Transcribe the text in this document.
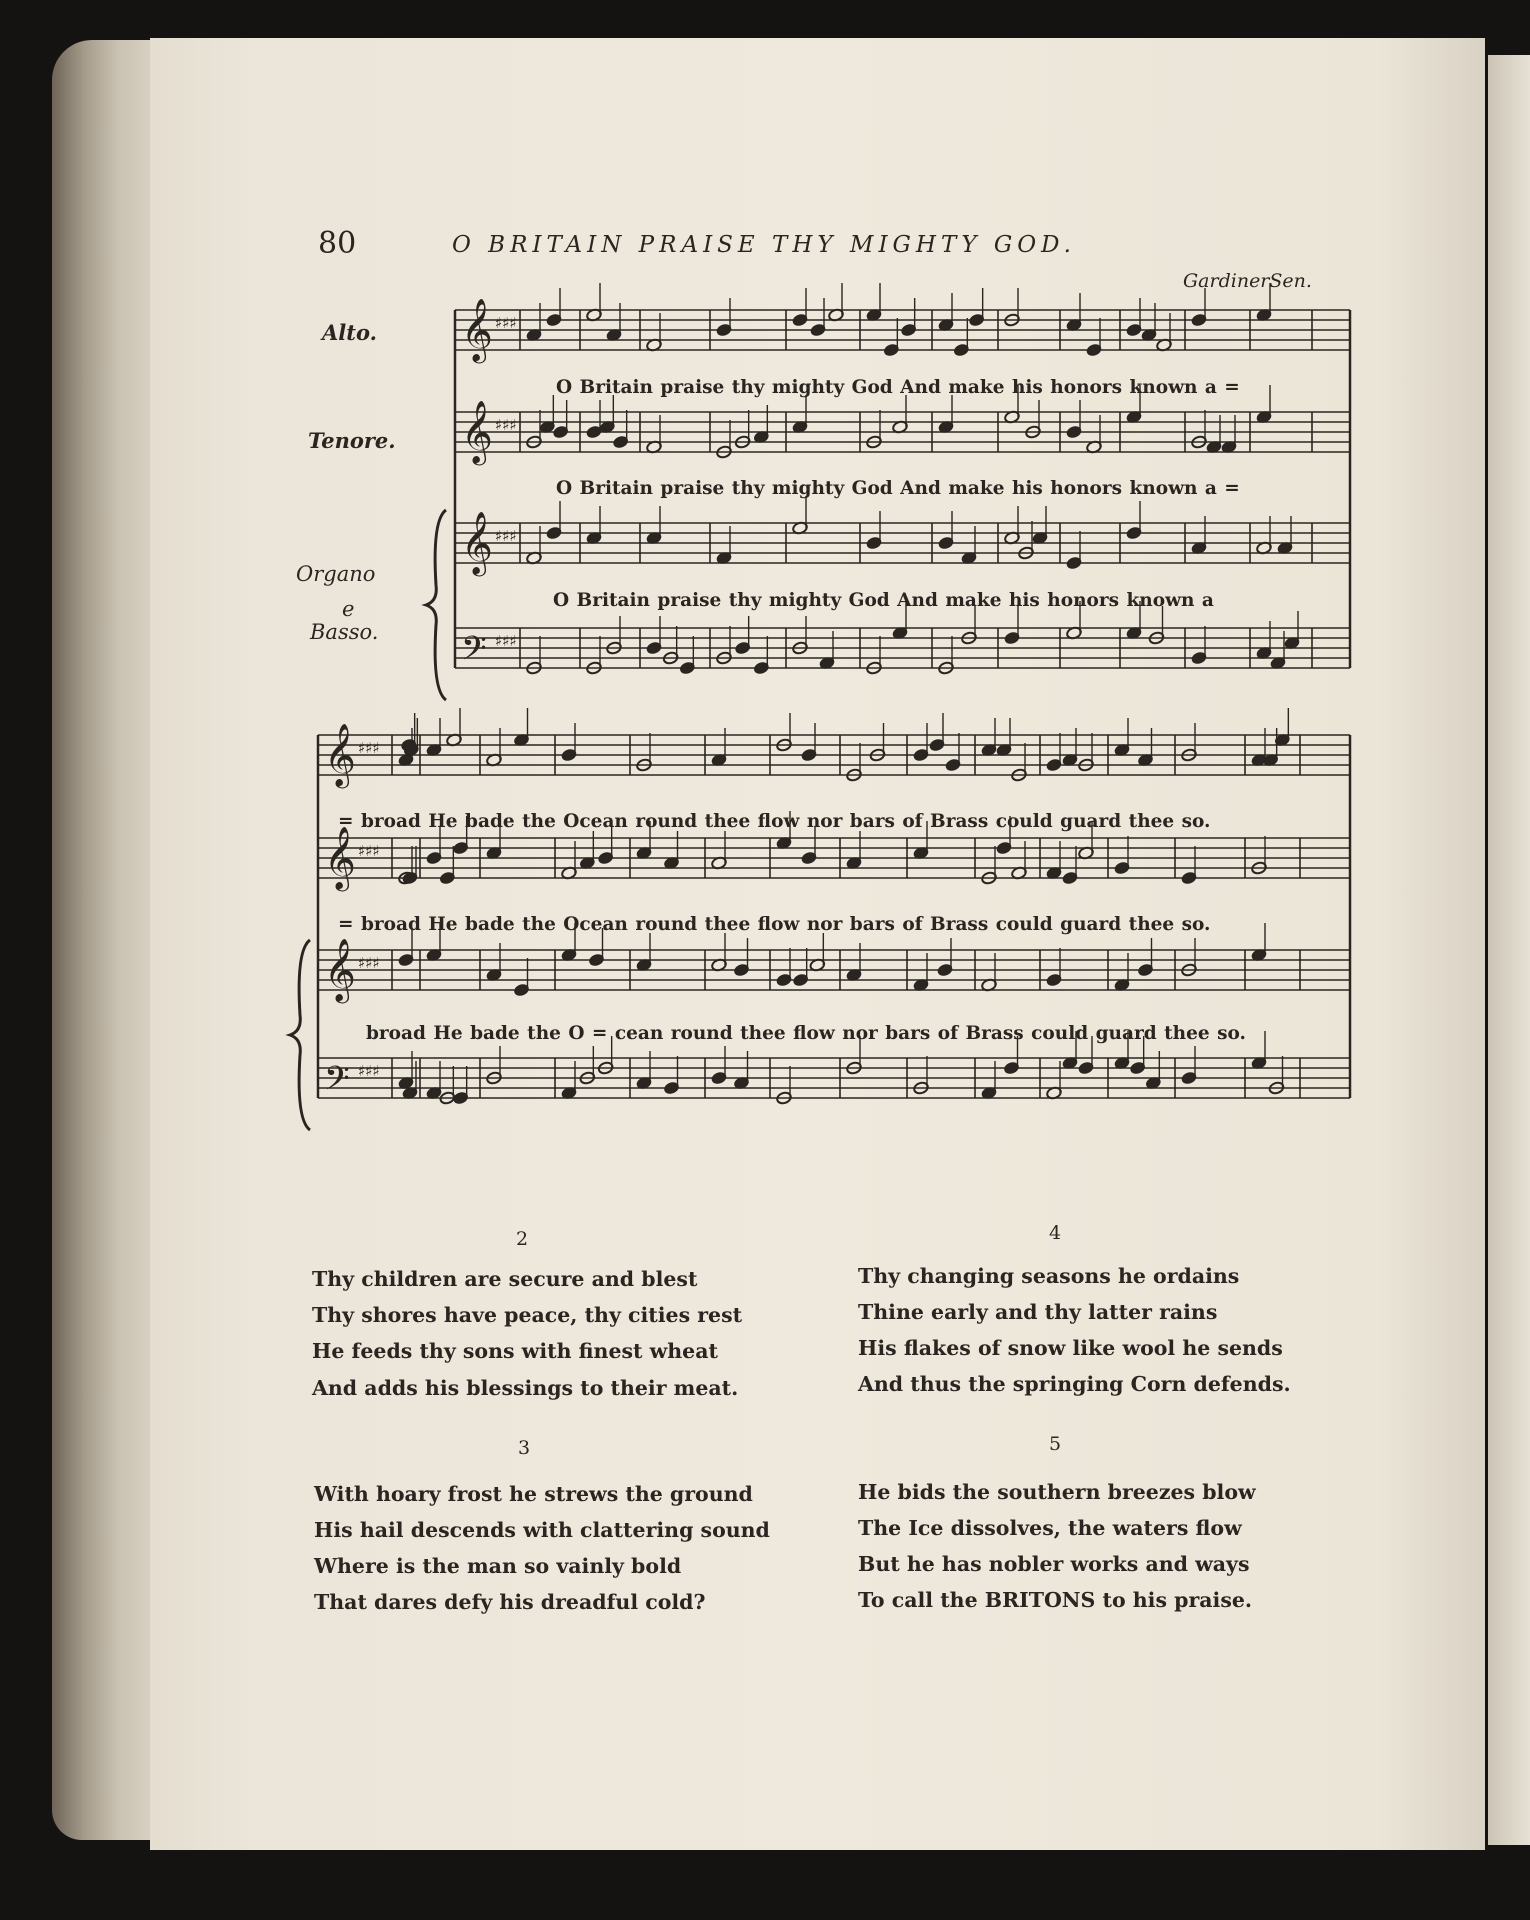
80	O BRITAIN PRAISE THY MIGHTY GOD.
GardinerSen.
Alto.
Tenore.
Organo
e
Basso.
𝄞 ♯♯♯
𝄞 ♯♯♯
𝄞 ♯♯♯
𝄢 ♯♯♯
𝄞 ♯♯♯
𝄞 ♯♯♯
𝄞 ♯♯♯
𝄢 ♯♯♯
O Britain praise thy mighty God And make his honors known a =
O Britain praise thy mighty God And make his honors known a =
O Britain praise thy mighty God And make his honors known a
= broad He bade the Ocean round thee flow nor bars of Brass could guard thee so.
= broad He bade the Ocean round thee flow nor bars of Brass could guard thee so.
broad He bade the O = cean round thee flow nor bars of Brass could guard thee so.
2
Thy children are secure and blest
Thy shores have peace, thy cities rest
He feeds thy sons with finest wheat
And adds his blessings to their meat.
3
With hoary frost he strews the ground
His hail descends with clattering sound
Where is the man so vainly bold
That dares defy his dreadful cold?
4
Thy changing seasons he ordains
Thine early and thy latter rains
His flakes of snow like wool he sends
And thus the springing Corn defends.
5
He bids the southern breezes blow
The Ice dissolves, the waters flow
But he has nobler works and ways
To call the BRITONS to his praise.
